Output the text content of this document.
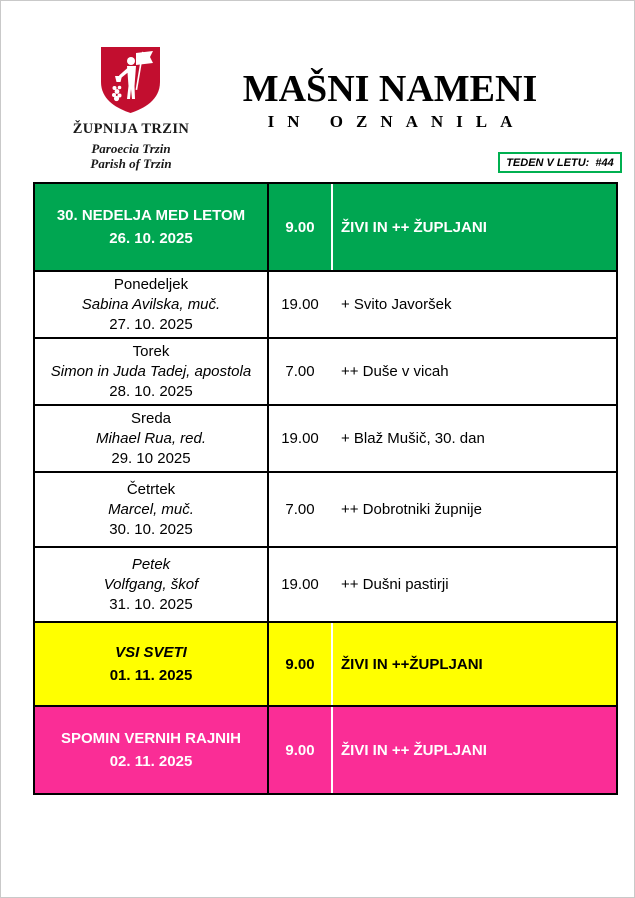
ŽUPNIJA TRZIN
Paroecia Trzin
Parish of Trzin
MAŠNI NAMENI
IN OZNANILA
TEDEN V LETU:  #44
30. NEDELJA MED LETOM
26. 10. 2025
9.00	ŽIVI IN ++ ŽUPLJANI
Ponedeljek
Sabina Avilska, muč.
27. 10. 2025
19.00	+ Svito Javoršek
Torek
Simon in Juda Tadej, apostola
28. 10. 2025
7.00	++ Duše v vicah
Sreda
Mihael Rua, red.
29. 10 2025
19.00	+ Blaž Mušič, 30. dan
Četrtek
Marcel, muč.
30. 10. 2025
7.00	++ Dobrotniki župnije
Petek
Volfgang, škof
31. 10. 2025
19.00	++ Dušni pastirji
VSI SVETI
01. 11. 2025
9.00	ŽIVI IN ++ŽUPLJANI
SPOMIN VERNIH RAJNIH
02. 11. 2025
9.00	ŽIVI IN ++ ŽUPLJANI
